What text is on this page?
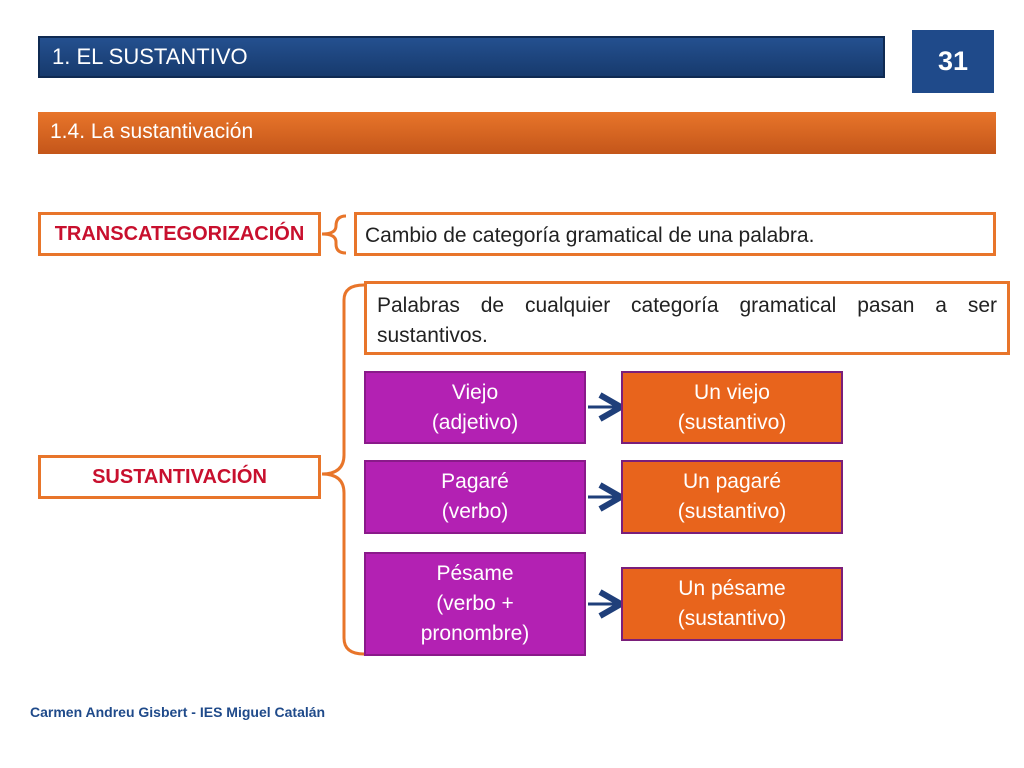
1. EL SUSTANTIVO	31
1.4. La sustantivación
TRANSCATEGORIZACIÓN	Cambio de categoría gramatical de una palabra.
SUSTANTIVACIÓN
Palabras de cualquier categoría gramatical pasan a ser sustantivos.
Viejo
(adjetivo)
Un viejo
(sustantivo)
Pagaré
(verbo)
Un pagaré
(sustantivo)
Pésame
(verbo +
pronombre)
Un pésame
(sustantivo)
Carmen Andreu Gisbert - IES Miguel Catalán
